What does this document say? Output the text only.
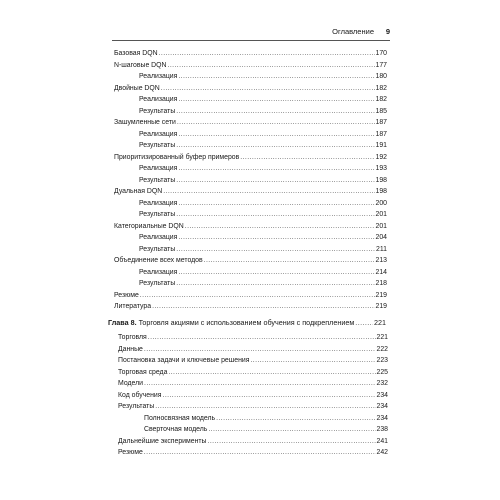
Оглавление 9
Базовая DQN .....	170
N-шаговые DQN .....	177
Реализация .....	180
Двойные DQN .....	182
Реализация .....	182
Результаты .....	185
Зашумленные сети .....	187
Реализация .....	187
Результаты .....	191
Приоритизированный буфер примеров .....	192
Реализация .....	193
Результаты .....	198
Дуальная DQN .....	198
Реализация .....	200
Результаты .....	201
Категориальные DQN .....	201
Реализация .....	204
Результаты .....	211
Объединение всех методов .....	213
Реализация .....	214
Результаты .....	218
Резюме .....	219
Литература .....	219
Глава 8. Торговля акциями с использованием обучения с подкреплением .....	221
Торговля .....	221
Данные .....	222
Постановка задачи и ключевые решения .....	223
Торговая среда .....	225
Модели .....	232
Код обучения .....	234
Результаты .....	234
Полносвязная модель .....	234
Сверточная модель .....	238
Дальнейшие эксперименты .....	241
Резюме .....	242
